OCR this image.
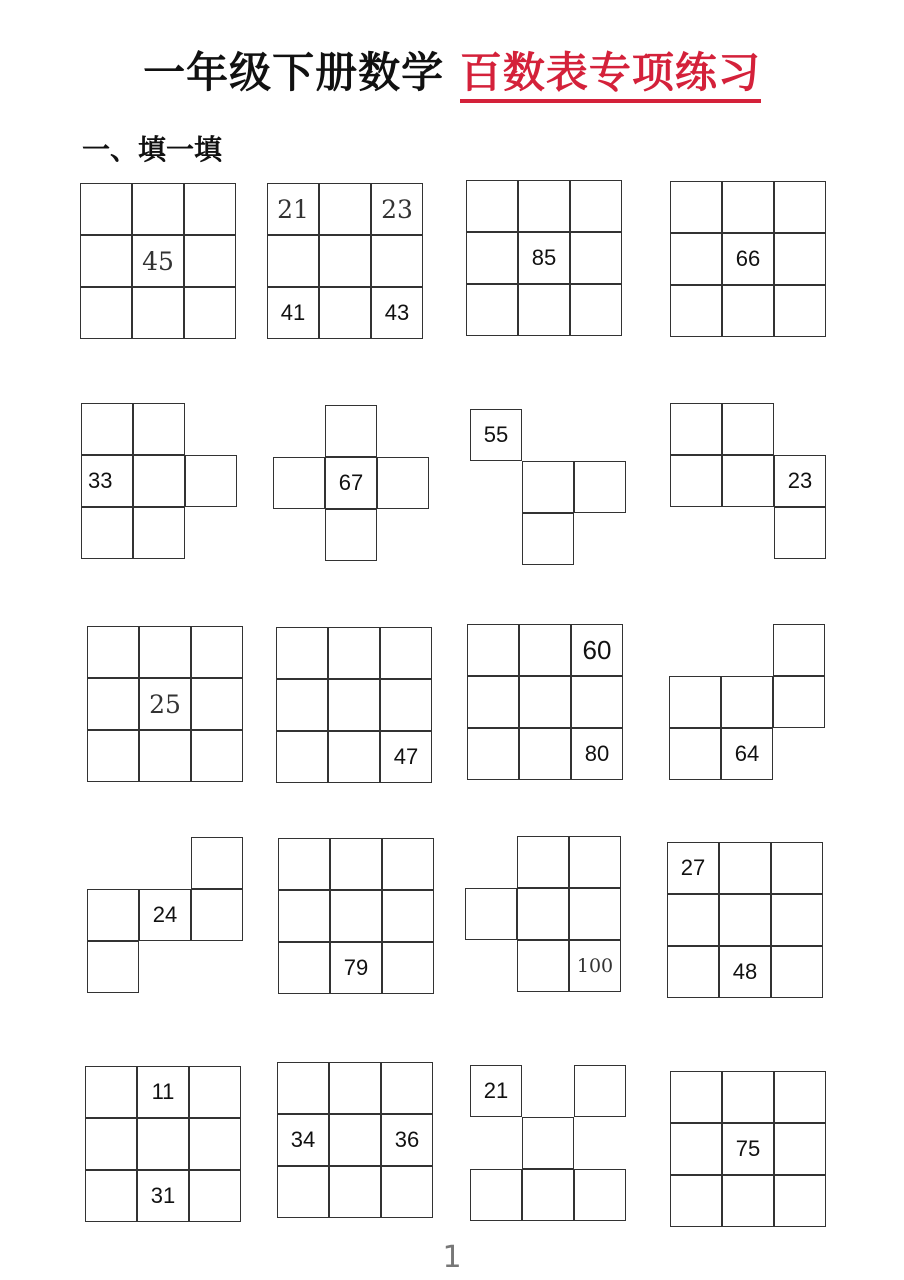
一年级下册数学 百数表专项练习
一、填一填
45
21	23
41	43
85	66
33	67
55
23
25
47
60
80	64
24
79	100
27
48
11
31
34	36
21
75
1
